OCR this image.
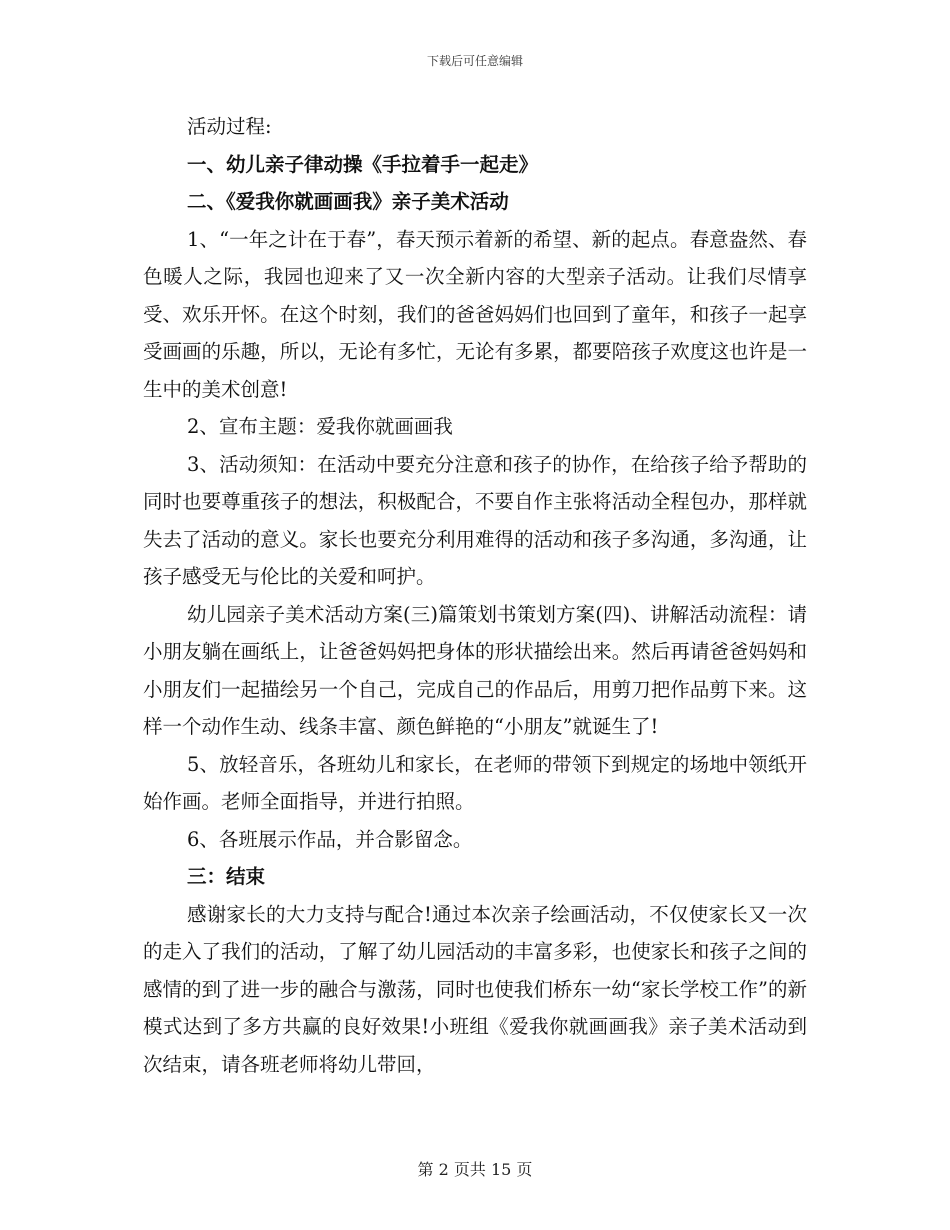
下载后可任意编辑

活动过程:

一、幼儿亲子律动操《手拉着手一起走》

二、《爱我你就画画我》亲子美术活动

1、“一年之计在于春”，春天预示着新的希望、新的起点。春意盎然、春色暖人之际，我园也迎来了又一次全新内容的大型亲子活动。让我们尽情享受、欢乐开怀。在这个时刻，我们的爸爸妈妈们也回到了童年，和孩子一起享受画画的乐趣，所以，无论有多忙，无论有多累，都要陪孩子欢度这也许是一生中的美术创意!

2、宣布主题：爱我你就画画我

3、活动须知：在活动中要充分注意和孩子的协作，在给孩子给予帮助的同时也要尊重孩子的想法，积极配合，不要自作主张将活动全程包办，那样就失去了活动的意义。家长也要充分利用难得的活动和孩子多沟通，多沟通，让孩子感受无与伦比的关爱和呵护。

幼儿园亲子美术活动方案(三)篇策划书策划方案(四)、讲解活动流程：请小朋友躺在画纸上，让爸爸妈妈把身体的形状描绘出来。然后再请爸爸妈妈和小朋友们一起描绘另一个自己，完成自己的作品后，用剪刀把作品剪下来。这样一个动作生动、线条丰富、颜色鲜艳的“小朋友”就诞生了!

5、放轻音乐，各班幼儿和家长，在老师的带领下到规定的场地中领纸开始作画。老师全面指导，并进行拍照。

6、各班展示作品，并合影留念。

三：结束

感谢家长的大力支持与配合!通过本次亲子绘画活动，不仅使家长又一次的走入了我们的活动，了解了幼儿园活动的丰富多彩，也使家长和孩子之间的感情的到了进一步的融合与激荡，同时也使我们桥东一幼“家长学校工作”的新模式达到了多方共赢的良好效果!小班组《爱我你就画画我》亲子美术活动到次结束，请各班老师将幼儿带回，

第 2 页共 15 页
